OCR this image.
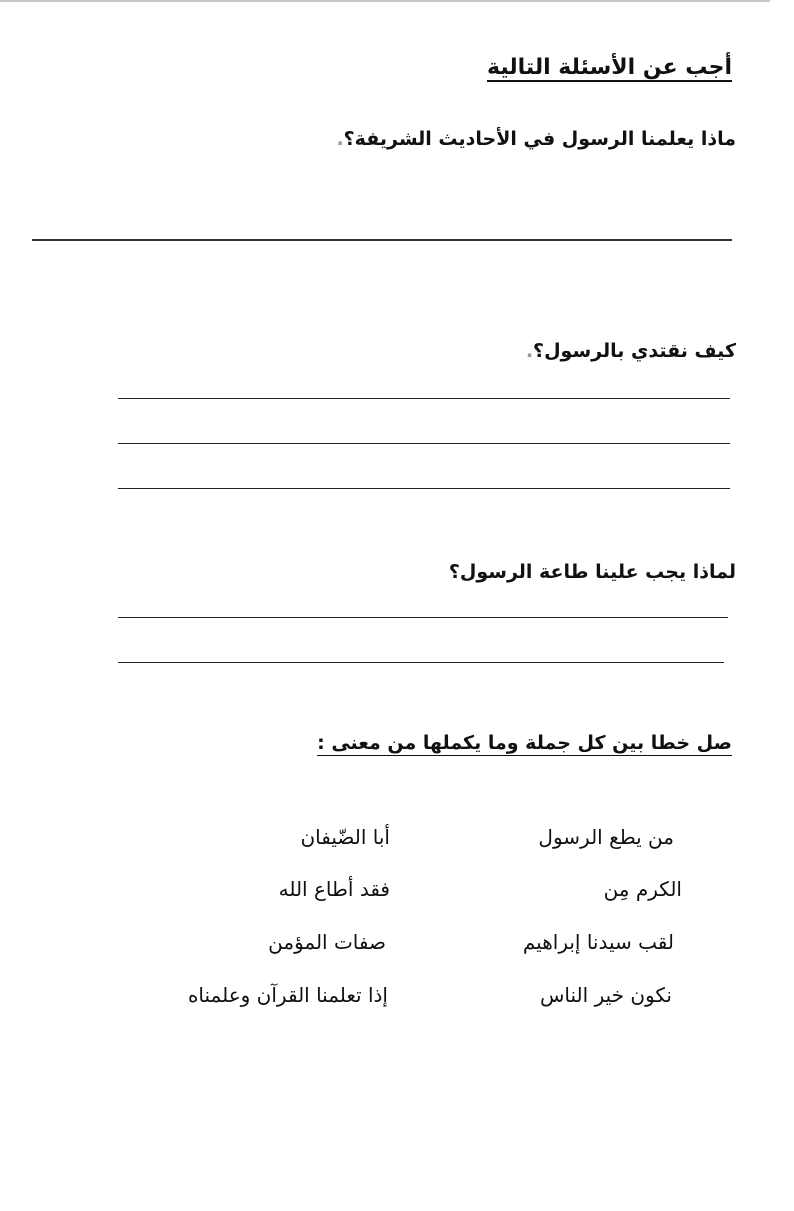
أجب عن الأسئلة التالية
ماذا يعلمنا الرسول في الأحاديث الشريفة؟.
كيف نقتدي بالرسول؟.
لماذا يجب علينا طاعة الرسول؟
صل خطا بين كل جملة وما يكملها من معنى :
من يطع الرسول
الكرم مِن
لقب سيدنا إبراهيم
نكون خير الناس
أبا الضّيفان
فقد أطاع الله
صفات المؤمن
إذا تعلمنا القرآن وعلمناه
